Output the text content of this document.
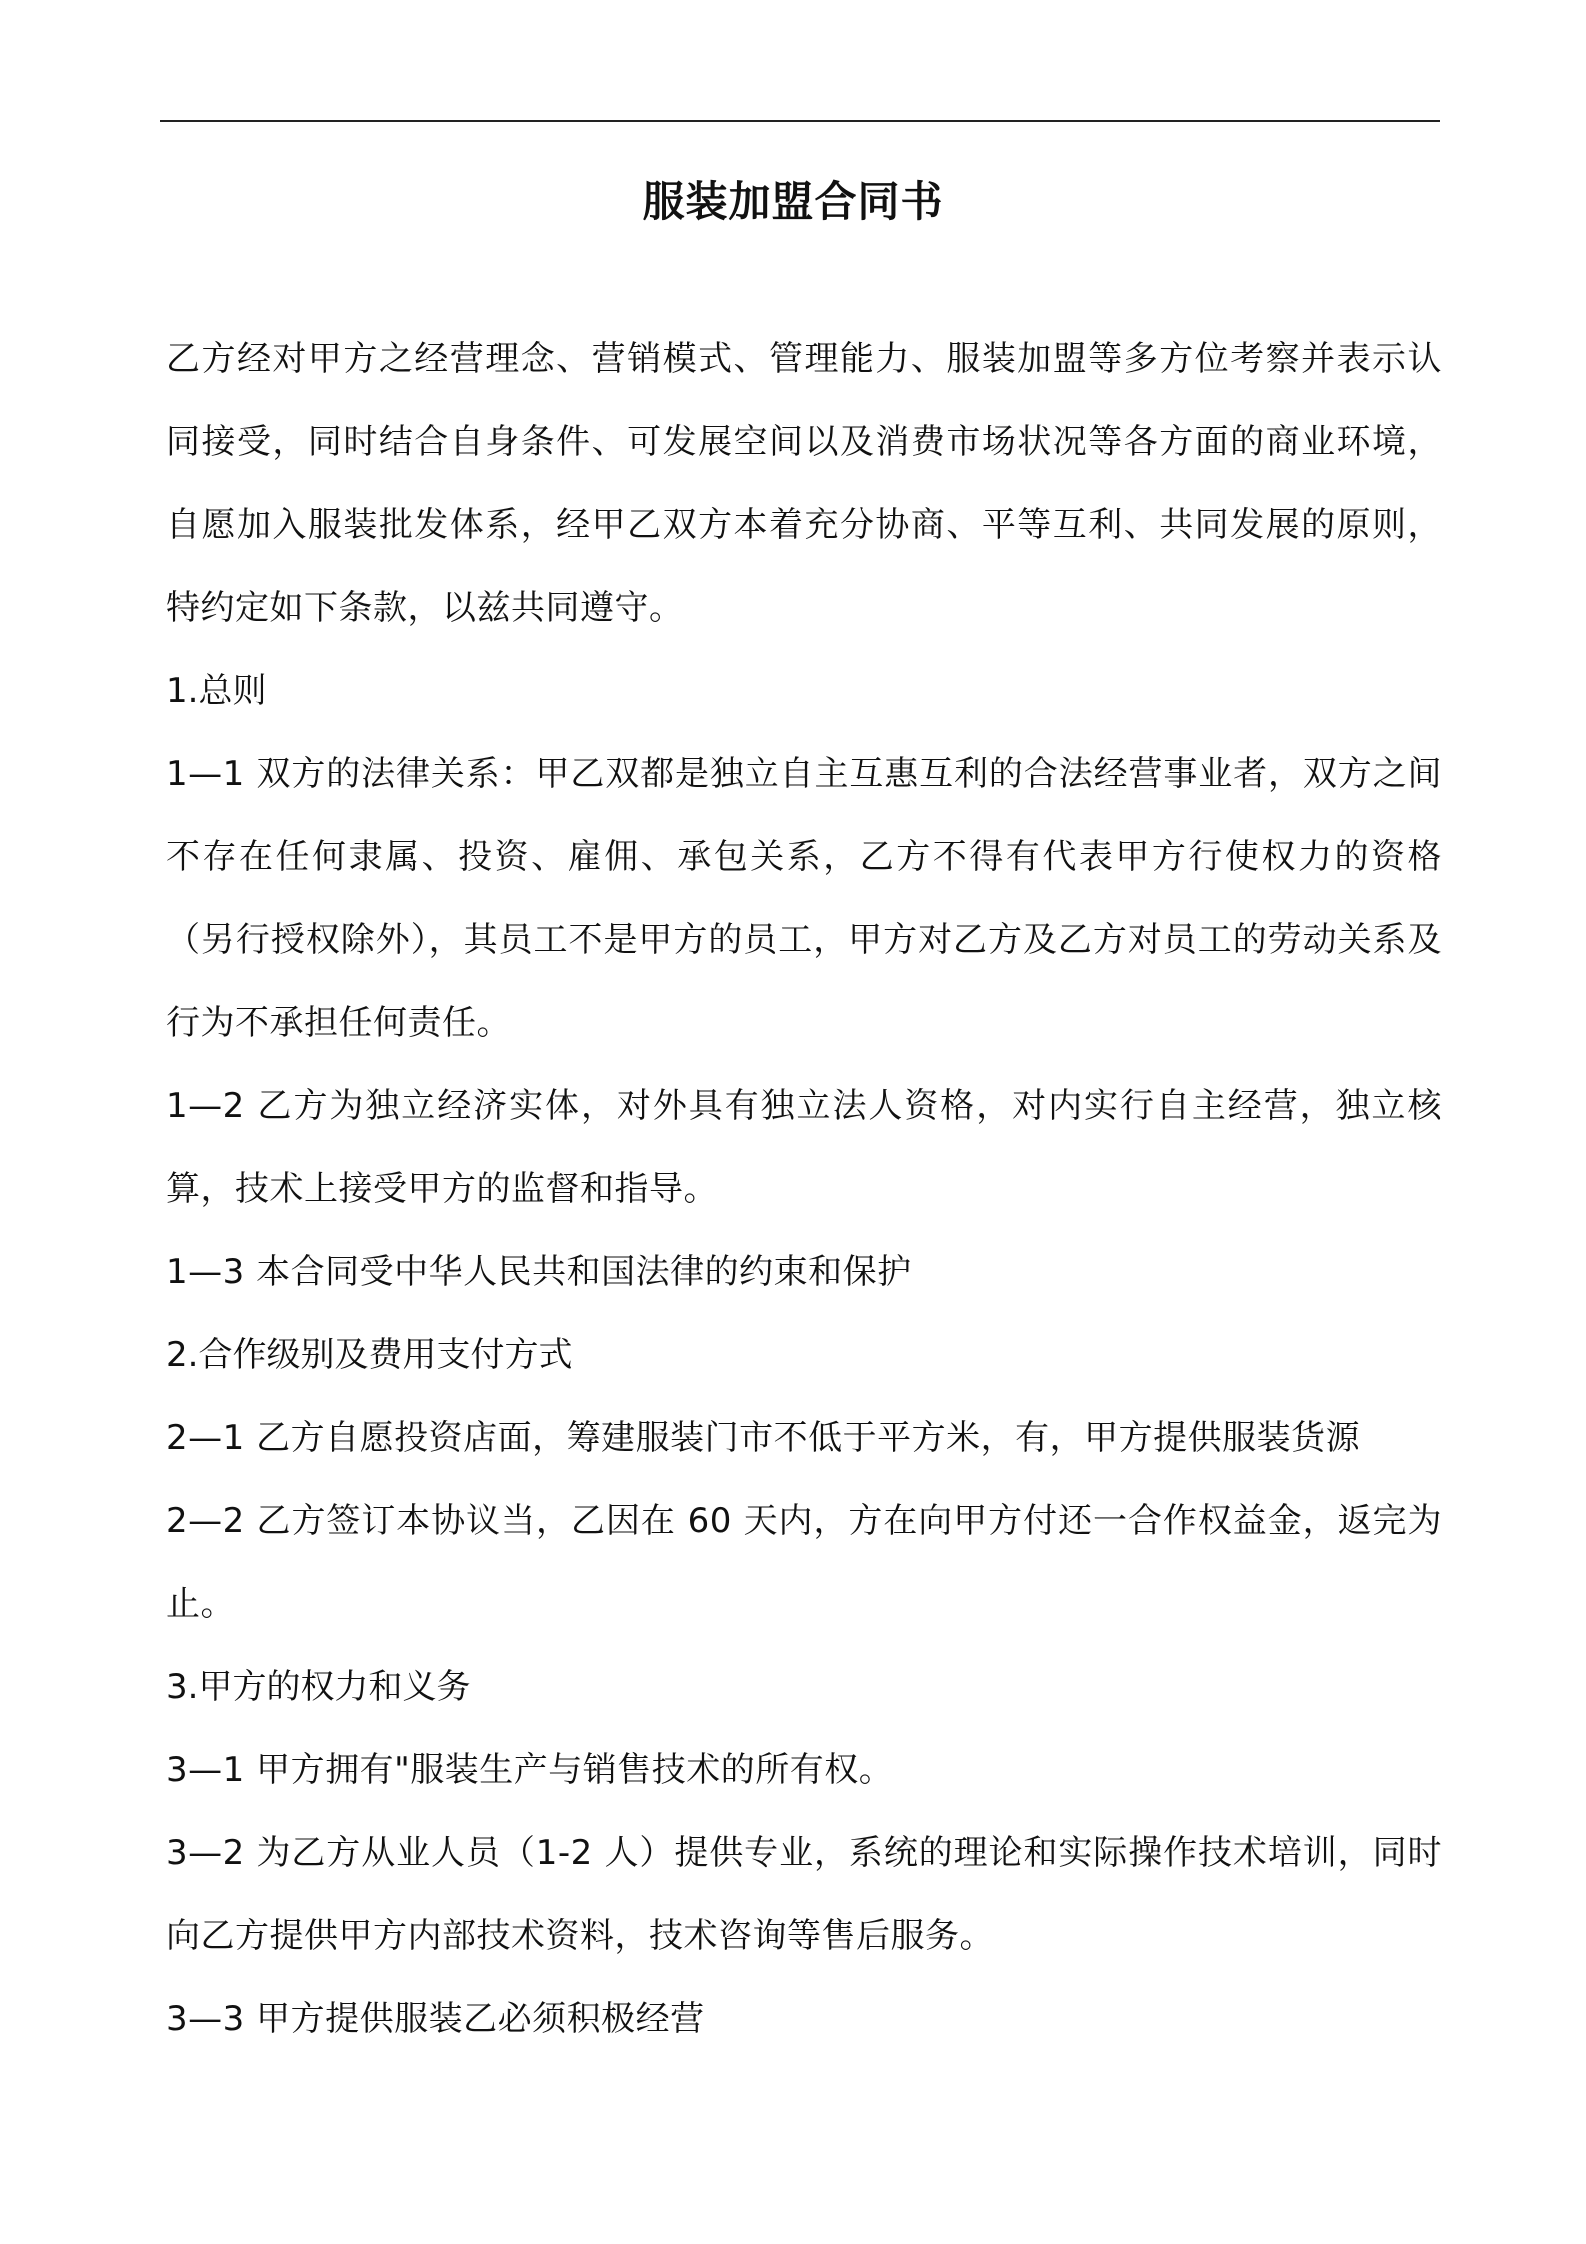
服装加盟合同书

乙方经对甲方之经营理念、营销模式、管理能力、服装加盟等多方位考察并表示认同接受，同时结合自身条件、可发展空间以及消费市场状况等各方面的商业环境，自愿加入服装批发体系，经甲乙双方本着充分协商、平等互利、共同发展的原则，特约定如下条款，以兹共同遵守。

1.总则

1—1 双方的法律关系：甲乙双都是独立自主互惠互利的合法经营事业者，双方之间不存在任何隶属、投资、雇佣、承包关系，乙方不得有代表甲方行使权力的资格（另行授权除外），其员工不是甲方的员工，甲方对乙方及乙方对员工的劳动关系及行为不承担任何责任。

1—2 乙方为独立经济实体，对外具有独立法人资格，对内实行自主经营，独立核算，技术上接受甲方的监督和指导。

1—3 本合同受中华人民共和国法律的约束和保护

2.合作级别及费用支付方式

2—1 乙方自愿投资店面，筹建服装门市不低于平方米，有，甲方提供服装货源

2—2 乙方签订本协议当，乙因在 60 天内，方在向甲方付还一合作权益金，返完为止。

3.甲方的权力和义务

3—1 甲方拥有"服装生产与销售技术的所有权。

3—2 为乙方从业人员（1-2 人）提供专业，系统的理论和实际操作技术培训，同时向乙方提供甲方内部技术资料，技术咨询等售后服务。

3—3 甲方提供服装乙必须积极经营
